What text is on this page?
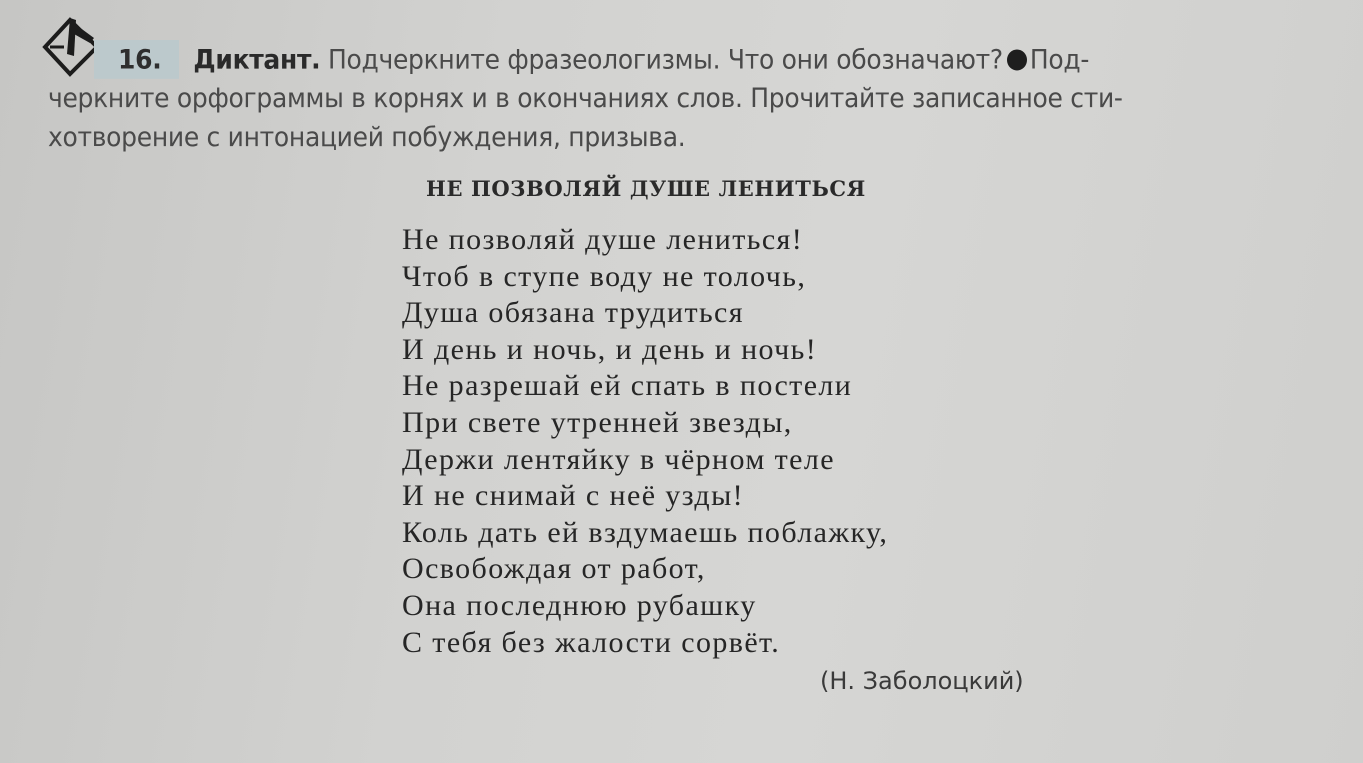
16. Диктант. Подчеркните фразеологизмы. Что они обозначают? Под-
черкните орфограммы в корнях и в окончаниях слов. Прочитайте записанное сти-
хотворение с интонацией побуждения, призыва.
НЕ ПОЗВОЛЯЙ ДУШЕ ЛЕНИТЬСЯ
Не позволяй душе лениться!
Чтоб в ступе воду не толочь,
Душа обязана трудиться
И день и ночь, и день и ночь!
Не разрешай ей спать в постели
При свете утренней звезды,
Держи лентяйку в чёрном теле
И не снимай с неё узды!
Коль дать ей вздумаешь поблажку,
Освобождая от работ,
Она последнюю рубашку
С тебя без жалости сорвёт.
(Н. Заболоцкий)
